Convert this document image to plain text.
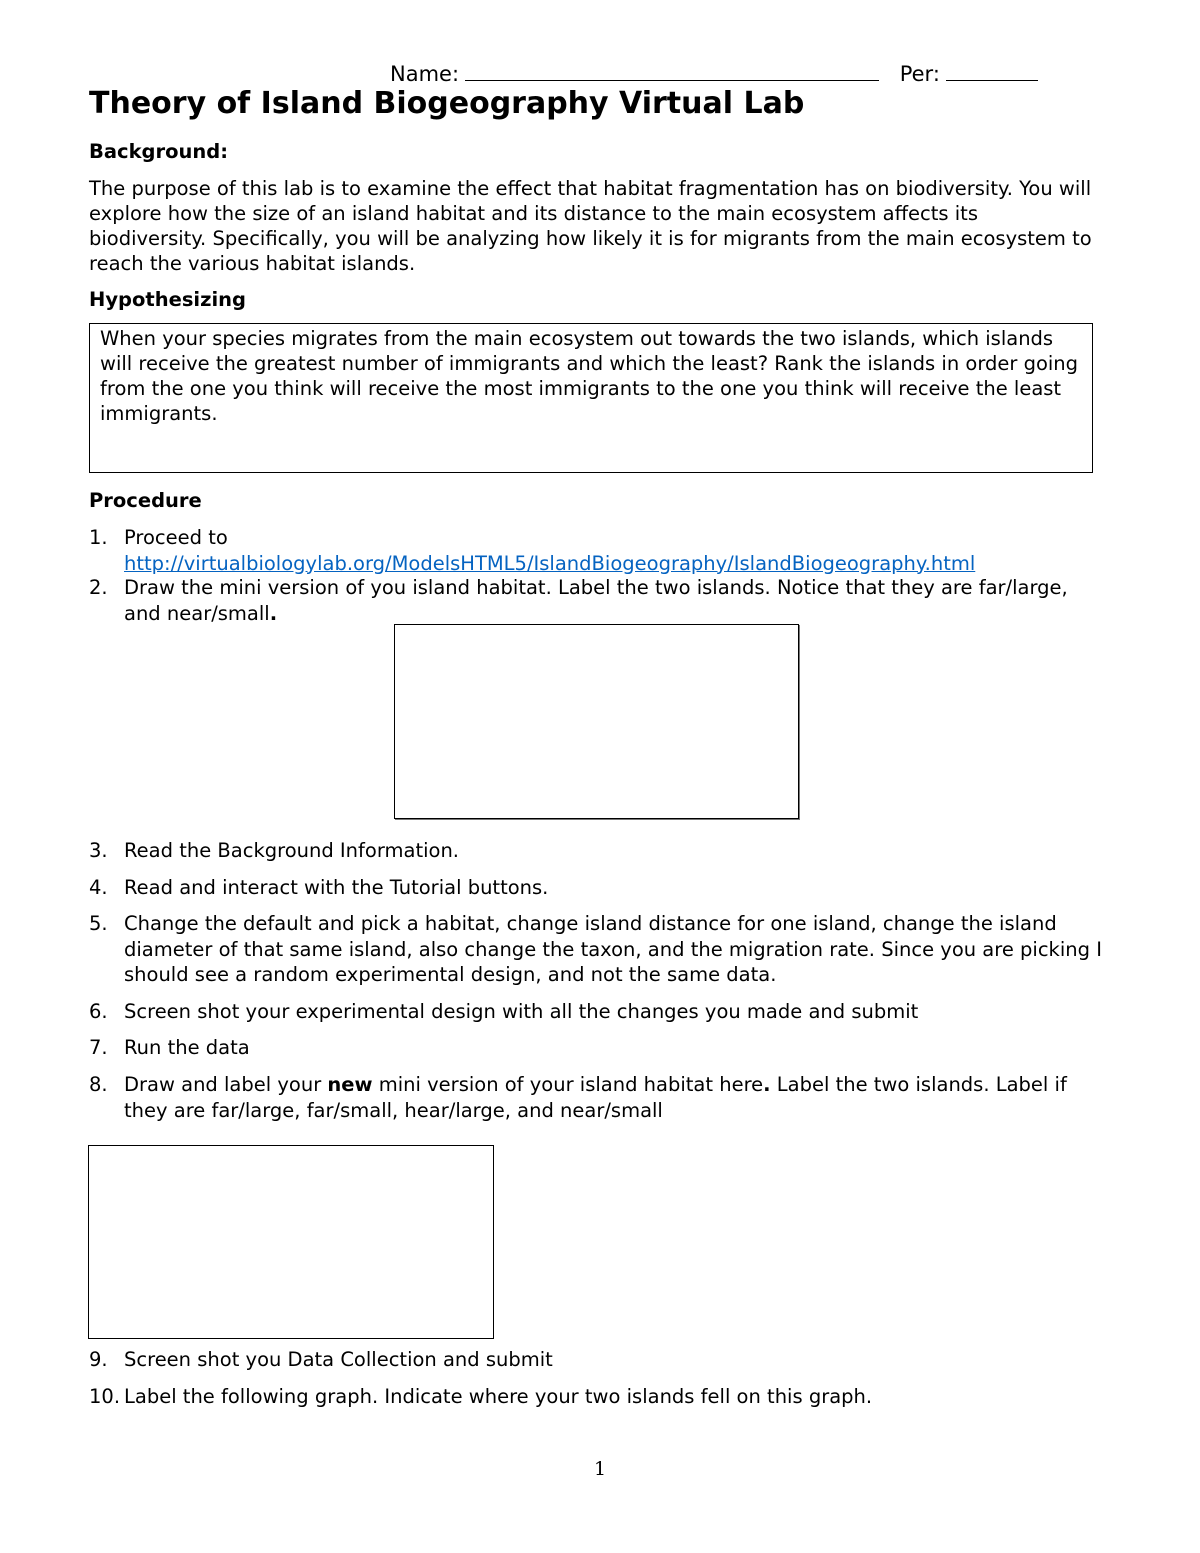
Name:	Per:
Theory of Island Biogeography Virtual Lab

Background:

The purpose of this lab is to examine the effect that habitat fragmentation has on biodiversity. You will explore how the size of an island habitat and its distance to the main ecosystem affects its biodiversity. Specifically, you will be analyzing how likely it is for migrants from the main ecosystem to reach the various habitat islands.

Hypothesizing

When your species migrates from the main ecosystem out towards the two islands, which islands will receive the greatest number of immigrants and which the least? Rank the islands in order going from the one you think will receive the most immigrants to the one you think will receive the least immigrants.

Procedure

1. Proceed to
http://virtualbiologylab.org/ModelsHTML5/IslandBiogeography/IslandBiogeography.html
2. Draw the mini version of you island habitat. Label the two islands. Notice that they are far/large, and near/small.
3. Read the Background Information.
4. Read and interact with the Tutorial buttons.
5. Change the default and pick a habitat, change island distance for one island, change the island diameter of that same island, also change the taxon, and the migration rate. Since you are picking I should see a random experimental design, and not the same data.
6. Screen shot your experimental design with all the changes you made and submit
7. Run the data
8. Draw and label your new mini version of your island habitat here. Label the two islands. Label if they are far/large, far/small, hear/large, and near/small
9. Screen shot you Data Collection and submit
10. Label the following graph. Indicate where your two islands fell on this graph.
1
